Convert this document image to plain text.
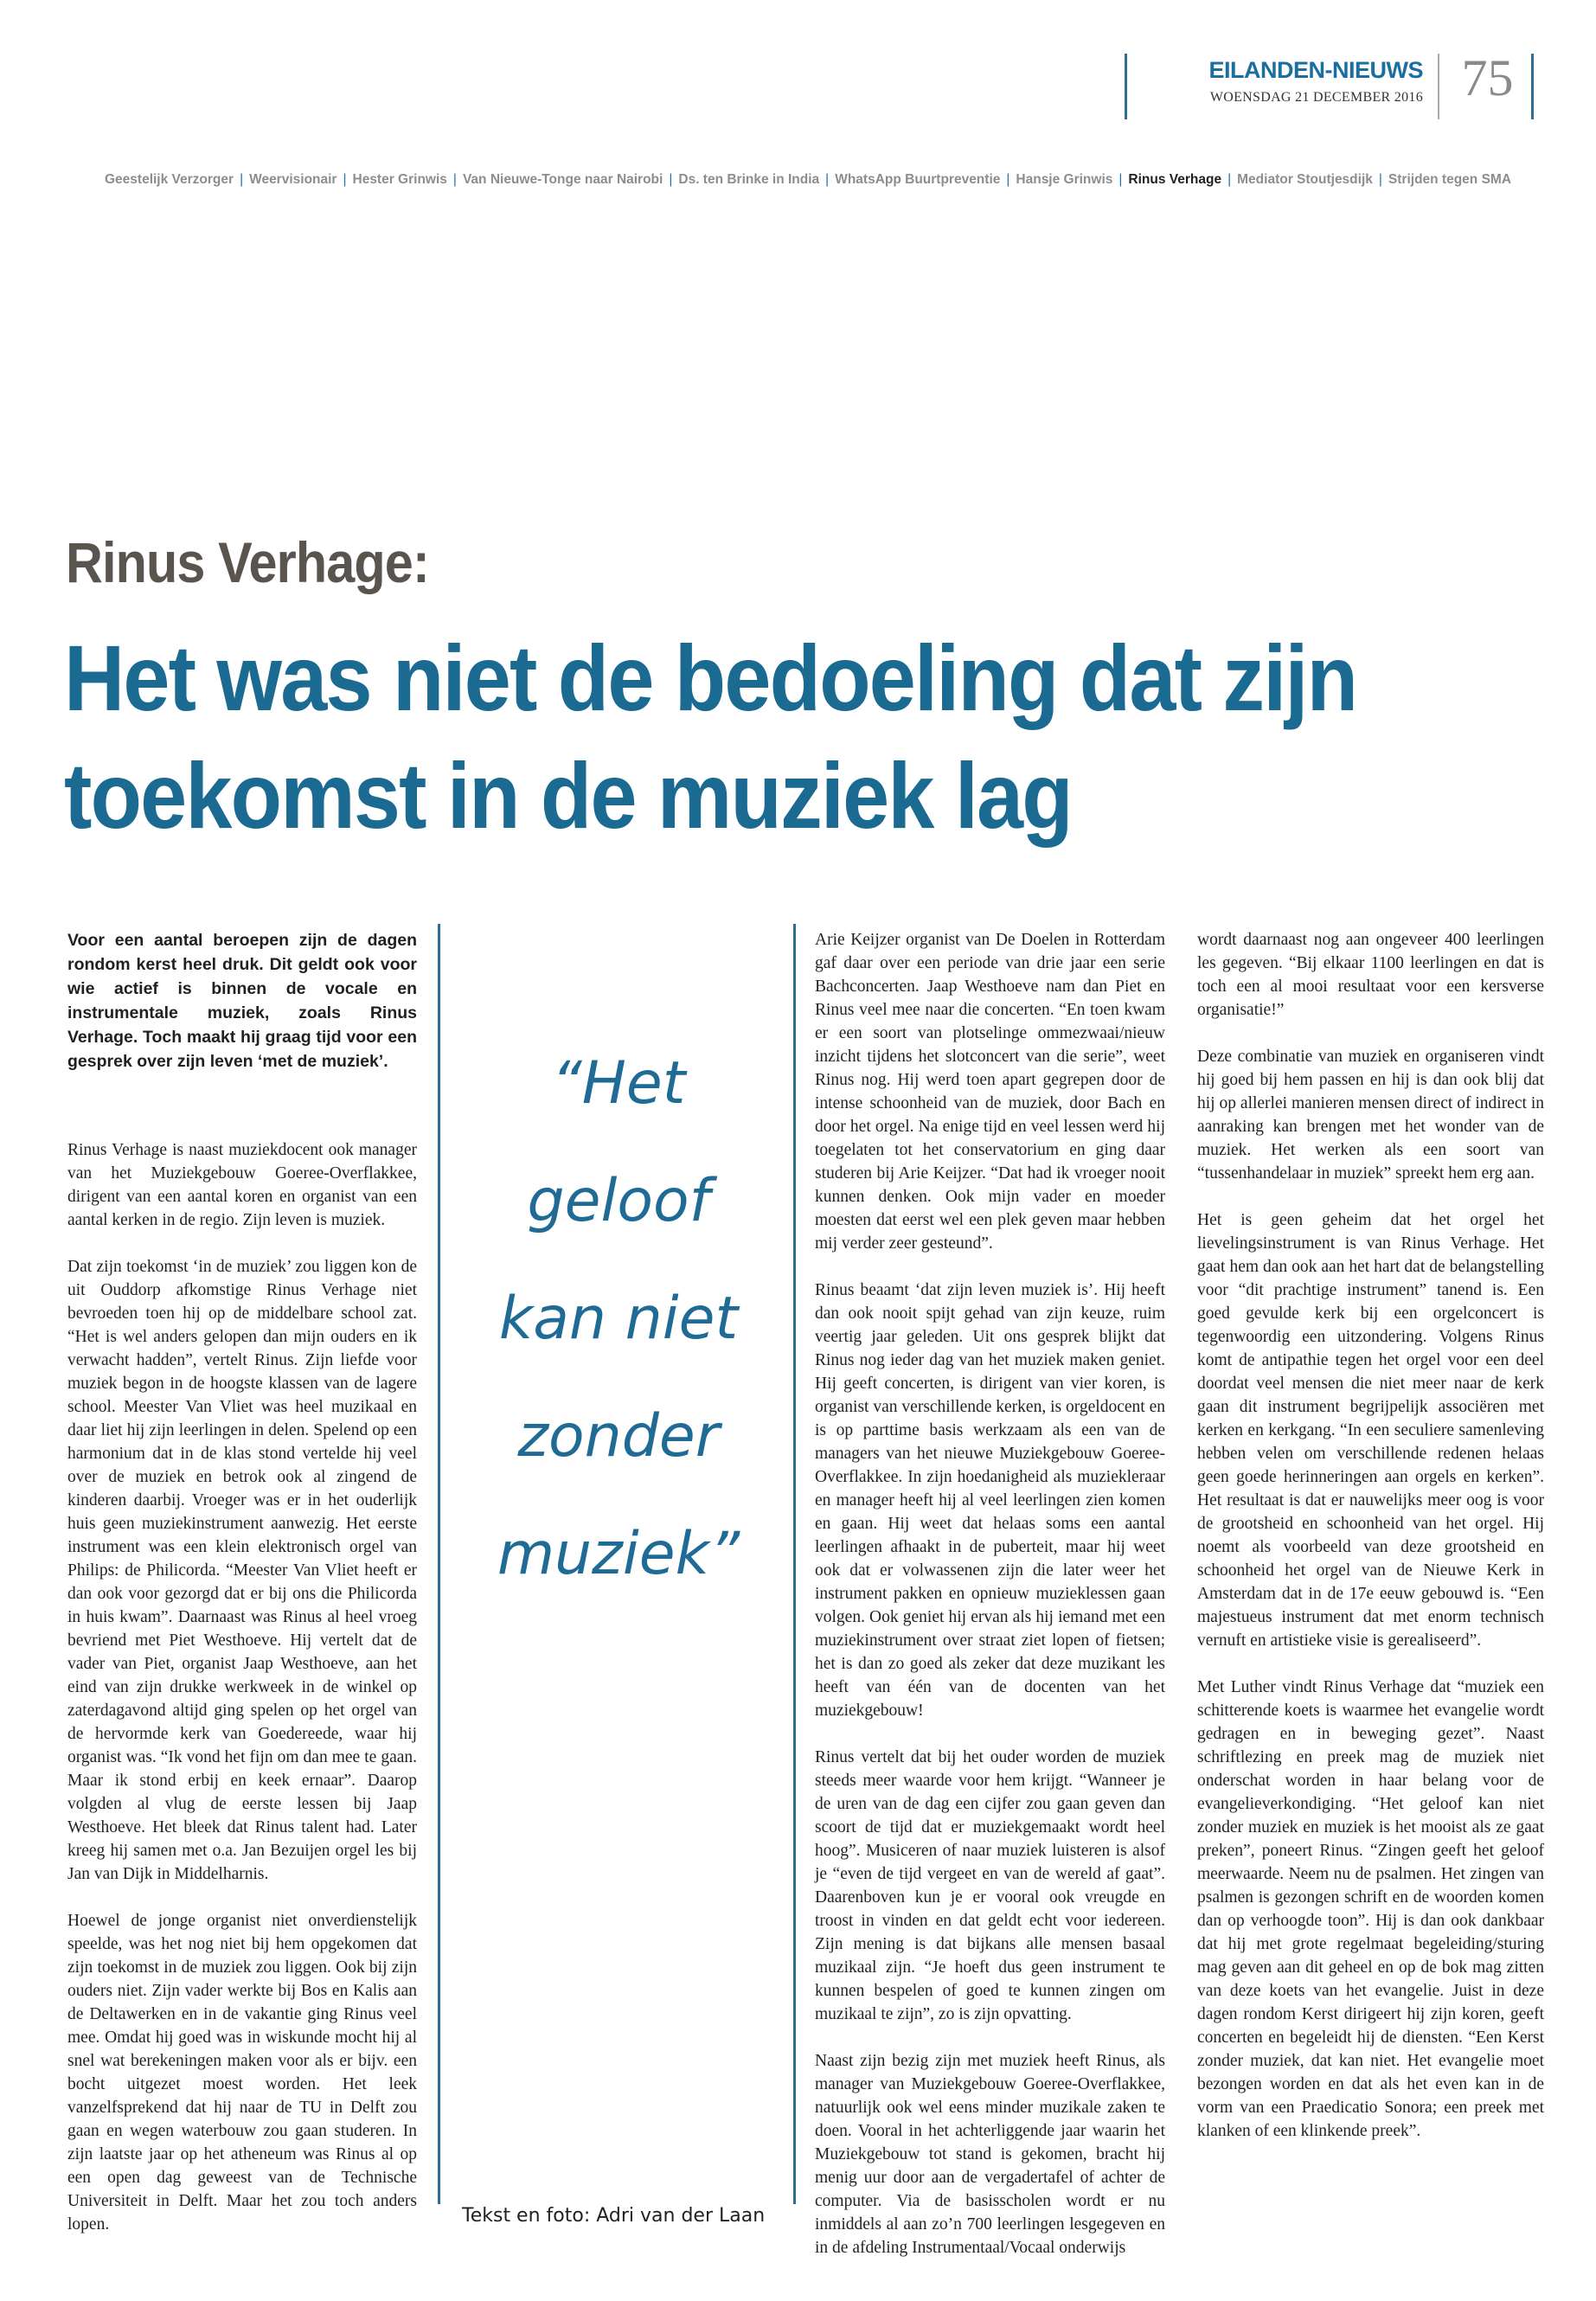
EILANDEN-NIEUWS
WOENSDAG 21 DECEMBER 2016 75
Geestelijk Verzorger | Weervisionair | Hester Grinwis | Van Nieuwe-Tonge naar Nairobi | Ds. ten Brinke in India | WhatsApp Buurtpreventie | Hansje Grinwis | Rinus Verhage | Mediator Stoutjesdijk | Strijden tegen SMA
Rinus Verhage:
Het was niet de bedoeling dat zijn toekomst in de muziek lag
Voor een aantal beroepen zijn de dagen rondom kerst heel druk. Dit geldt ook voor wie actief is binnen de vocale en instrumentale muziek, zoals Rinus Verhage. Toch maakt hij graag tijd voor een gesprek over zijn leven ‘met de muziek’.

Rinus Verhage is naast muziekdocent ook manager van het Muziekgebouw Goeree-Overflakkee, dirigent van een aantal koren en organist van een aantal kerken in de regio. Zijn leven is muziek.

Dat zijn toekomst ‘in de muziek’ zou liggen kon de uit Ouddorp afkomstige Rinus Verhage niet bevroeden toen hij op de middelbare school zat. “Het is wel anders gelopen dan mijn ouders en ik verwacht hadden”, vertelt Rinus. Zijn liefde voor muziek begon in de hoogste klassen van de lagere school. Meester Van Vliet was heel muzikaal en daar liet hij zijn leerlingen in delen. Spelend op een harmonium dat in de klas stond vertelde hij veel over de muziek en betrok ook al zingend de kinderen daarbij. Vroeger was er in het ouderlijk huis geen muziekinstrument aanwezig. Het eerste instrument was een klein elektronisch orgel van Philips: de Philicorda. “Meester Van Vliet heeft er dan ook voor gezorgd dat er bij ons die Philicorda in huis kwam”. Daarnaast was Rinus al heel vroeg bevriend met Piet Westhoeve. Hij vertelt dat de vader van Piet, organist Jaap Westhoeve, aan het eind van zijn drukke werkweek in de winkel op zaterdagavond altijd ging spelen op het orgel van de hervormde kerk van Goedereede, waar hij organist was. “Ik vond het fijn om dan mee te gaan. Maar ik stond erbij en keek ernaar”. Daarop volgden al vlug de eerste lessen bij Jaap Westhoeve. Het bleek dat Rinus talent had. Later kreeg hij samen met o.a. Jan Bezuijen orgel les bij Jan van Dijk in Middelharnis.

Hoewel de jonge organist niet onverdienstelijk speelde, was het nog niet bij hem opgekomen dat zijn toekomst in de muziek zou liggen. Ook bij zijn ouders niet. Zijn vader werkte bij Bos en Kalis aan de Deltawerken en in de vakantie ging Rinus veel mee. Omdat hij goed was in wiskunde mocht hij al snel wat berekeningen maken voor als er bijv. een bocht uitgezet moest worden. Het leek vanzelfsprekend dat hij naar de TU in Delft zou gaan en wegen waterbouw zou gaan studeren. In zijn laatste jaar op het atheneum was Rinus al op een open dag geweest van de Technische Universiteit in Delft. Maar het zou toch anders lopen.

“Het
geloof
kan niet
zonder
muziek”
Tekst en foto: Adri van der Laan

Arie Keijzer organist van De Doelen in Rotterdam gaf daar over een periode van drie jaar een serie Bachconcerten. Jaap Westhoeve nam dan Piet en Rinus veel mee naar die concerten. “En toen kwam er een soort van plotselinge ommezwaai/nieuw inzicht tijdens het slotconcert van die serie”, weet Rinus nog. Hij werd toen apart gegrepen door de intense schoonheid van de muziek, door Bach en door het orgel. Na enige tijd en veel lessen werd hij toegelaten tot het conservatorium en ging daar studeren bij Arie Keijzer. “Dat had ik vroeger nooit kunnen denken. Ook mijn vader en moeder moesten dat eerst wel een plek geven maar hebben mij verder zeer gesteund”.

Rinus beaamt ‘dat zijn leven muziek is’. Hij heeft dan ook nooit spijt gehad van zijn keuze, ruim veertig jaar geleden. Uit ons gesprek blijkt dat Rinus nog ieder dag van het muziek maken geniet. Hij geeft concerten, is dirigent van vier koren, is organist van verschillende kerken, is orgeldocent en is op parttime basis werkzaam als een van de managers van het nieuwe Muziekgebouw Goeree-Overflakkee. In zijn hoedanigheid als muziekleraar en manager heeft hij al veel leerlingen zien komen en gaan. Hij weet dat helaas soms een aantal leerlingen afhaakt in de puberteit, maar hij weet ook dat er volwassenen zijn die later weer het instrument pakken en opnieuw muzieklessen gaan volgen. Ook geniet hij ervan als hij iemand met een muziekinstrument over straat ziet lopen of fietsen; het is dan zo goed als zeker dat deze muzikant les heeft van één van de docenten van het muziekgebouw!

Rinus vertelt dat bij het ouder worden de muziek steeds meer waarde voor hem krijgt. “Wanneer je de uren van de dag een cijfer zou gaan geven dan scoort de tijd dat er muziekgemaakt wordt heel hoog”. Musiceren of naar muziek luisteren is alsof je “even de tijd vergeet en van de wereld af gaat”. Daarenboven kun je er vooral ook vreugde en troost in vinden en dat geldt echt voor iedereen. Zijn mening is dat bijkans alle mensen basaal muzikaal zijn. “Je hoeft dus geen instrument te kunnen bespelen of goed te kunnen zingen om muzikaal te zijn”, zo is zijn opvatting.

Naast zijn bezig zijn met muziek heeft Rinus, als manager van Muziekgebouw Goeree-Overflakkee, natuurlijk ook wel eens minder muzikale zaken te doen. Vooral in het achterliggende jaar waarin het Muziekgebouw tot stand is gekomen, bracht hij menig uur door aan de vergadertafel of achter de computer. Via de basisscholen wordt er nu inmiddels al aan zo’n 700 leerlingen lesgegeven en in de afdeling Instrumentaal/Vocaal onderwijs

wordt daarnaast nog aan ongeveer 400 leerlingen les gegeven. “Bij elkaar 1100 leerlingen en dat is toch een al mooi resultaat voor een kersverse organisatie!”

Deze combinatie van muziek en organiseren vindt hij goed bij hem passen en hij is dan ook blij dat hij op allerlei manieren mensen direct of indirect in aanraking kan brengen met het wonder van de muziek. Het werken als een soort van “tussenhandelaar in muziek” spreekt hem erg aan.

Het is geen geheim dat het orgel het lievelingsinstrument is van Rinus Verhage. Het gaat hem dan ook aan het hart dat de belangstelling voor “dit prachtige instrument” tanend is. Een goed gevulde kerk bij een orgelconcert is tegenwoordig een uitzondering. Volgens Rinus komt de antipathie tegen het orgel voor een deel doordat veel mensen die niet meer naar de kerk gaan dit instrument begrijpelijk associëren met kerken en kerkgang. “In een seculiere samenleving hebben velen om verschillende redenen helaas geen goede herinneringen aan orgels en kerken”. Het resultaat is dat er nauwelijks meer oog is voor de grootsheid en schoonheid van het orgel. Hij noemt als voorbeeld van deze grootsheid en schoonheid het orgel van de Nieuwe Kerk in Amsterdam dat in de 17e eeuw gebouwd is. “Een majestueus instrument dat met enorm technisch vernuft en artistieke visie is gerealiseerd”.

Met Luther vindt Rinus Verhage dat “muziek een schitterende koets is waarmee het evangelie wordt gedragen en in beweging gezet”. Naast schriftlezing en preek mag de muziek niet onderschat worden in haar belang voor de evangelieverkondiging. “Het geloof kan niet zonder muziek en muziek is het mooist als ze gaat preken”, poneert Rinus. “Zingen geeft het geloof meerwaarde. Neem nu de psalmen. Het zingen van psalmen is gezongen schrift en de woorden komen dan op verhoogde toon”. Hij is dan ook dankbaar dat hij met grote regelmaat begeleiding/sturing mag geven aan dit geheel en op de bok mag zitten van deze koets van het evangelie. Juist in deze dagen rondom Kerst dirigeert hij zijn koren, geeft concerten en begeleidt hij de diensten. “Een Kerst zonder muziek, dat kan niet. Het evangelie moet bezongen worden en dat als het even kan in de vorm van een Praedicatio Sonora; een preek met klanken of een klinkende preek”.
